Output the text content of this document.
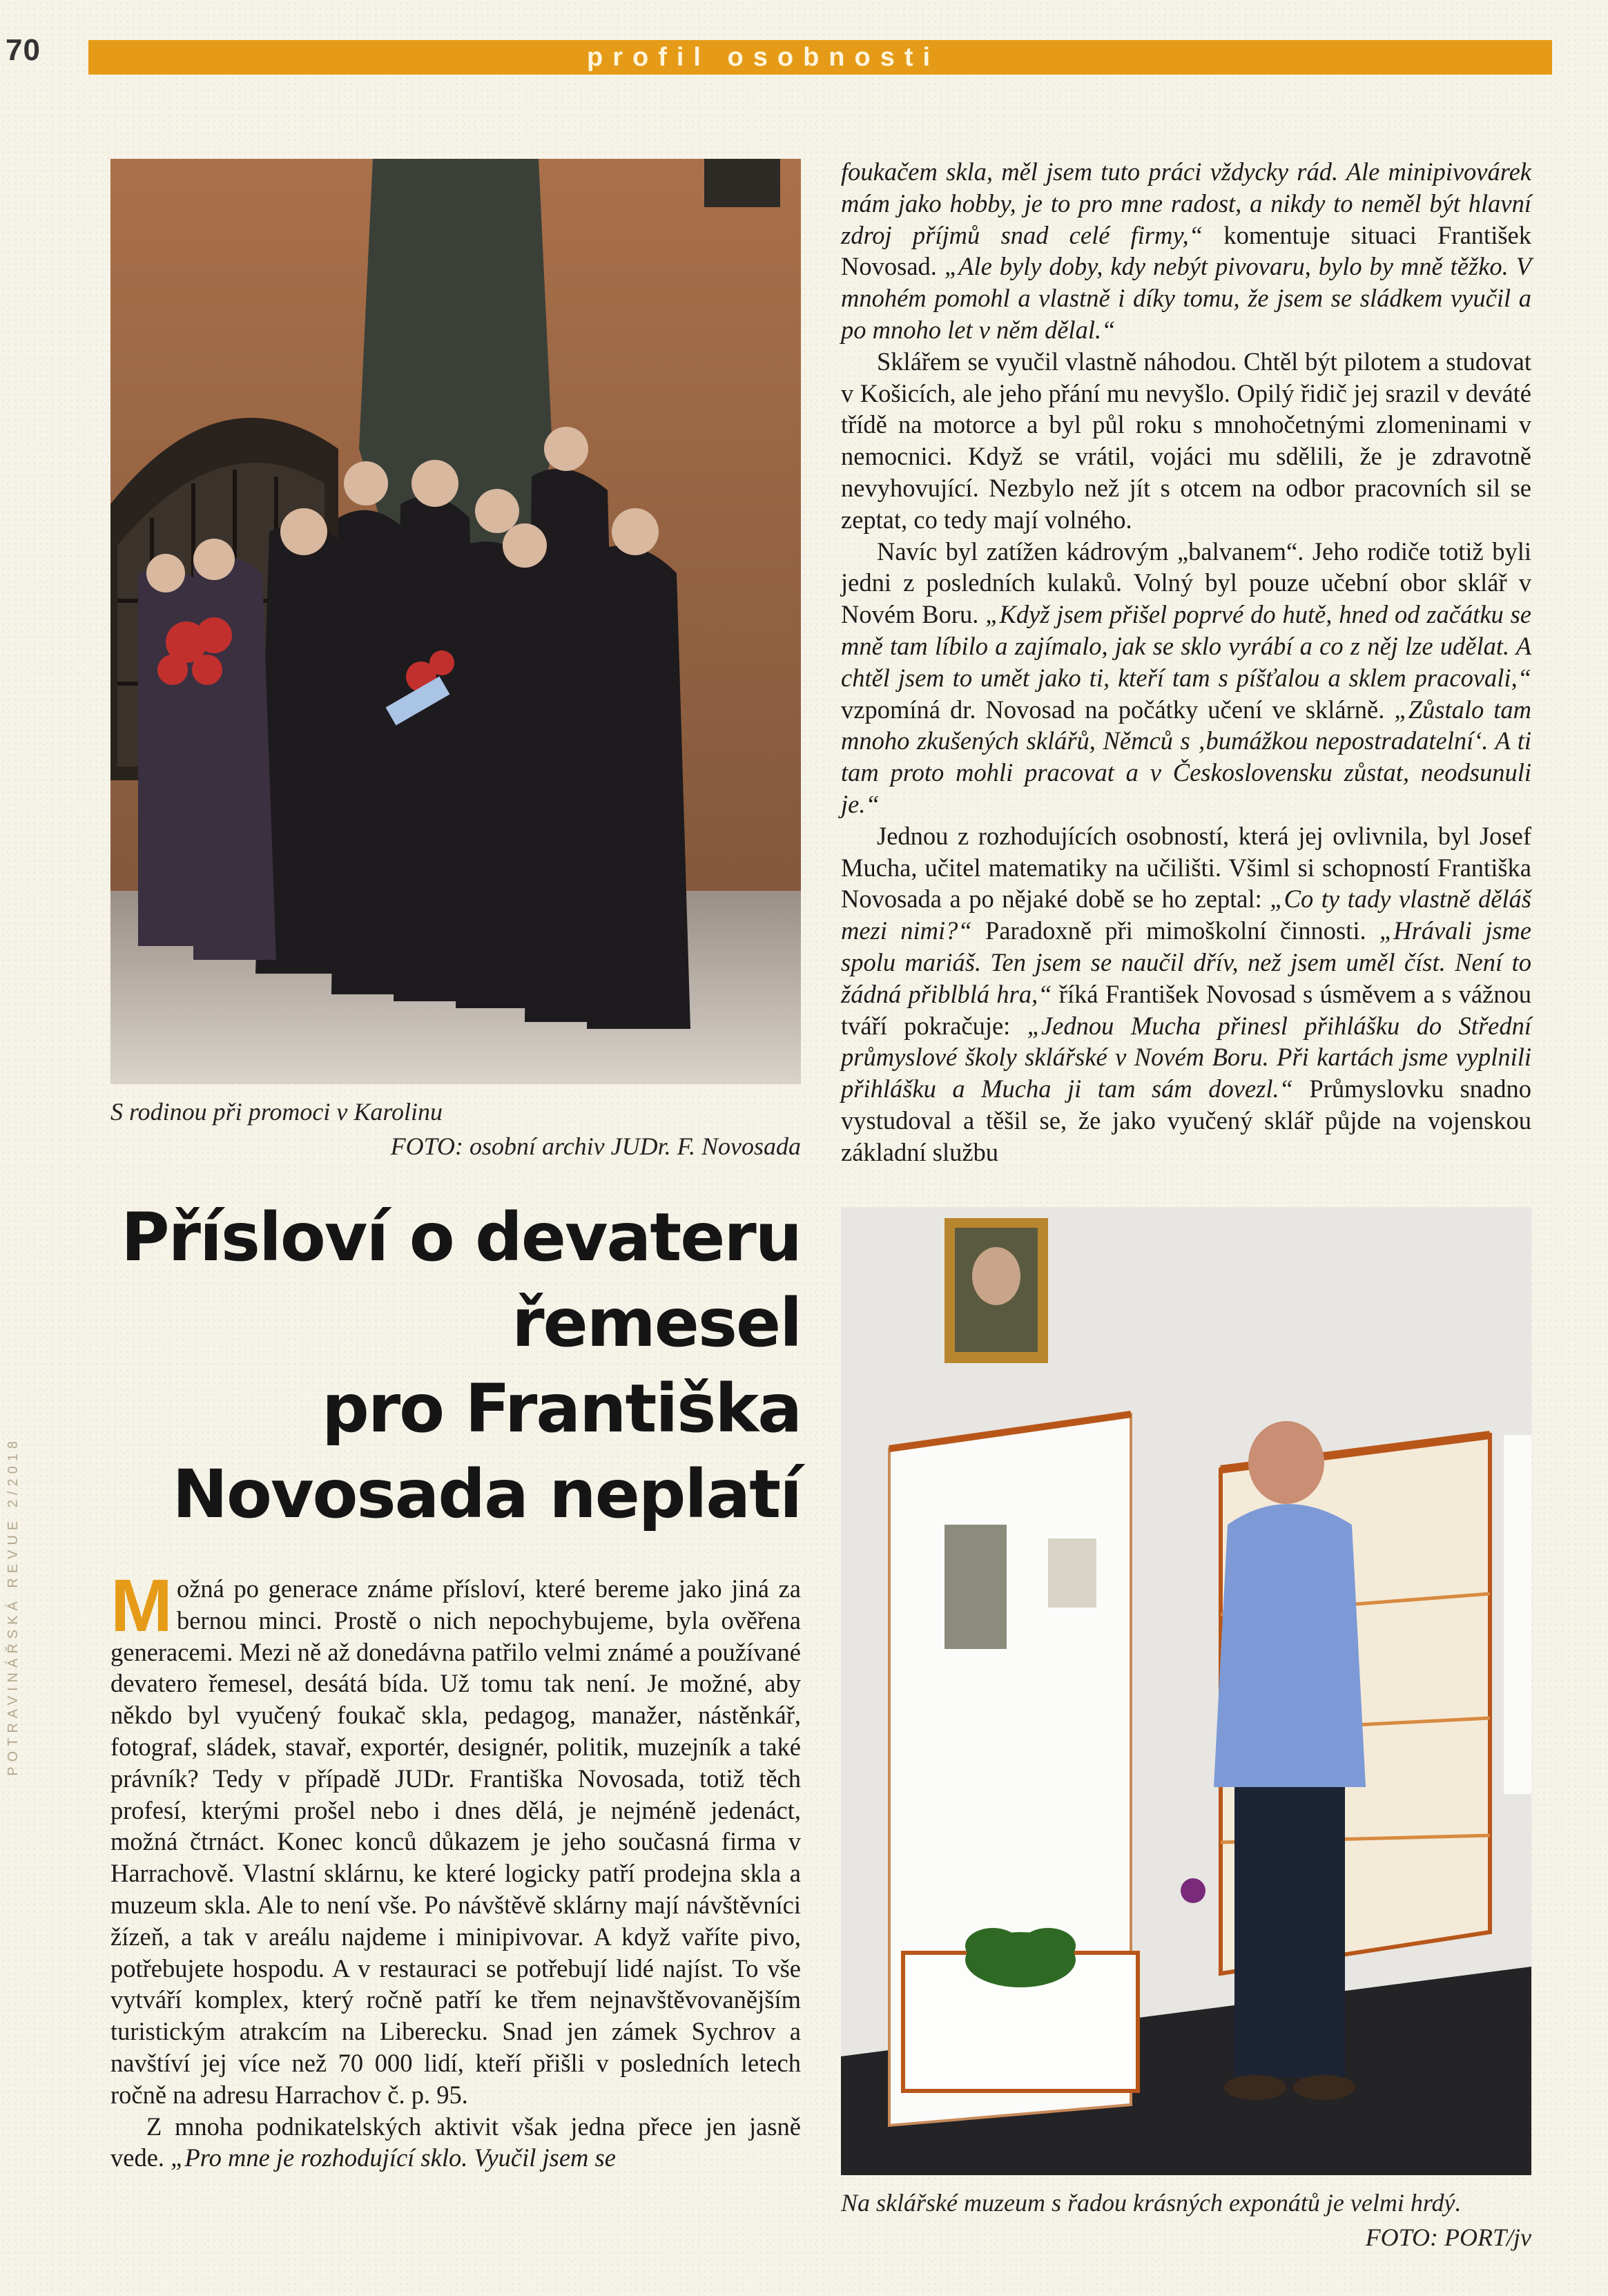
70	profil osobnosti
POTRAVINÁŘSKÁ REVUE 2/2018
S rodinou při promoci v Karolinu
FOTO: osobní archiv JUDr. F. Novosada
Přísloví o devateru
řemesel
pro Františka
Novosada neplatí

Možná po generace známe přísloví, které bereme jako jiná za bernou minci. Prostě o nich nepochybujeme, byla ověřena generacemi. Mezi ně až donedávna patřilo velmi známé a používané devatero řemesel, desátá bída. Už tomu tak není. Je možné, aby někdo byl vyučený foukač skla, pedagog, manažer, nástěnkář, fotograf, sládek, stavař, exportér, designér, politik, muzejník a také právník? Tedy v případě JUDr. Františka Novosada, totiž těch profesí, kterými prošel nebo i dnes dělá, je nejméně jedenáct, možná čtrnáct. Konec konců důkazem je jeho současná firma v Harrachově. Vlastní sklárnu, ke které logicky patří prodejna skla a muzeum skla. Ale to není vše. Po návštěvě sklárny mají návštěvníci žízeň, a tak v areálu najdeme i minipivovar. A když vaříte pivo, potřebujete hospodu. A v restauraci se potřebují lidé najíst. To vše vytváří komplex, který ročně patří ke třem nejnavštěvovanějším turistickým atrakcím na Liberecku. Snad jen zámek Sychrov a navštíví jej více než 70 000 lidí, kteří přišli v posledních letech ročně na adresu Harrachov č. p. 95.

Z mnoha podnikatelských aktivit však jedna přece jen jasně vede. „Pro mne je rozhodující sklo. Vyučil jsem se

foukačem skla, měl jsem tuto práci vždycky rád. Ale minipivovárek mám jako hobby, je to pro mne radost, a nikdy to neměl být hlavní zdroj příjmů snad celé firmy,“ komentuje situaci František Novosad. „Ale byly doby, kdy nebýt pivovaru, bylo by mně těžko. V mnohém pomohl a vlastně i díky tomu, že jsem se sládkem vyučil a po mnoho let v něm dělal.“

Sklářem se vyučil vlastně náhodou. Chtěl být pilotem a studovat v Košicích, ale jeho přání mu nevyšlo. Opilý řidič jej srazil v deváté třídě na motorce a byl půl roku s mnohočetnými zlomeninami v nemocnici. Když se vrátil, vojáci mu sdělili, že je zdravotně nevyhovující. Nezbylo než jít s otcem na odbor pracovních sil se zeptat, co tedy mají volného.

Navíc byl zatížen kádrovým „balvanem“. Jeho rodiče totiž byli jedni z posledních kulaků. Volný byl pouze učební obor sklář v Novém Boru. „Když jsem přišel poprvé do hutě, hned od začátku se mně tam líbilo a zajímalo, jak se sklo vyrábí a co z něj lze udělat. A chtěl jsem to umět jako ti, kteří tam s píšťalou a sklem pracovali,“ vzpomíná dr. Novosad na počátky učení ve sklárně. „Zůstalo tam mnoho zkušených sklářů, Němců s ‚bumážkou nepostradatelní‘. A ti tam proto mohli pracovat a v Československu zůstat, neodsunuli je.“

Jednou z rozhodujících osobností, která jej ovlivnila, byl Josef Mucha, učitel matematiky na učilišti. Všiml si schopností Františka Novosada a po nějaké době se ho zeptal: „Co ty tady vlastně děláš mezi nimi?“ Paradoxně při mimoškolní činnosti. „Hrávali jsme spolu mariáš. Ten jsem se naučil dřív, než jsem uměl číst. Není to žádná přiblblá hra,“ říká František Novosad s úsměvem a s vážnou tváří pokračuje: „Jednou Mucha přinesl přihlášku do Střední průmyslové školy sklářské v Novém Boru. Při kartách jsme vyplnili přihlášku a Mucha ji tam sám dovezl.“ Průmyslovku snadno vystudoval a těšil se, že jako vyučený sklář půjde na vojenskou základní službu

Na sklářské muzeum s řadou krásných exponátů je velmi hrdý.
FOTO: PORT/jv
